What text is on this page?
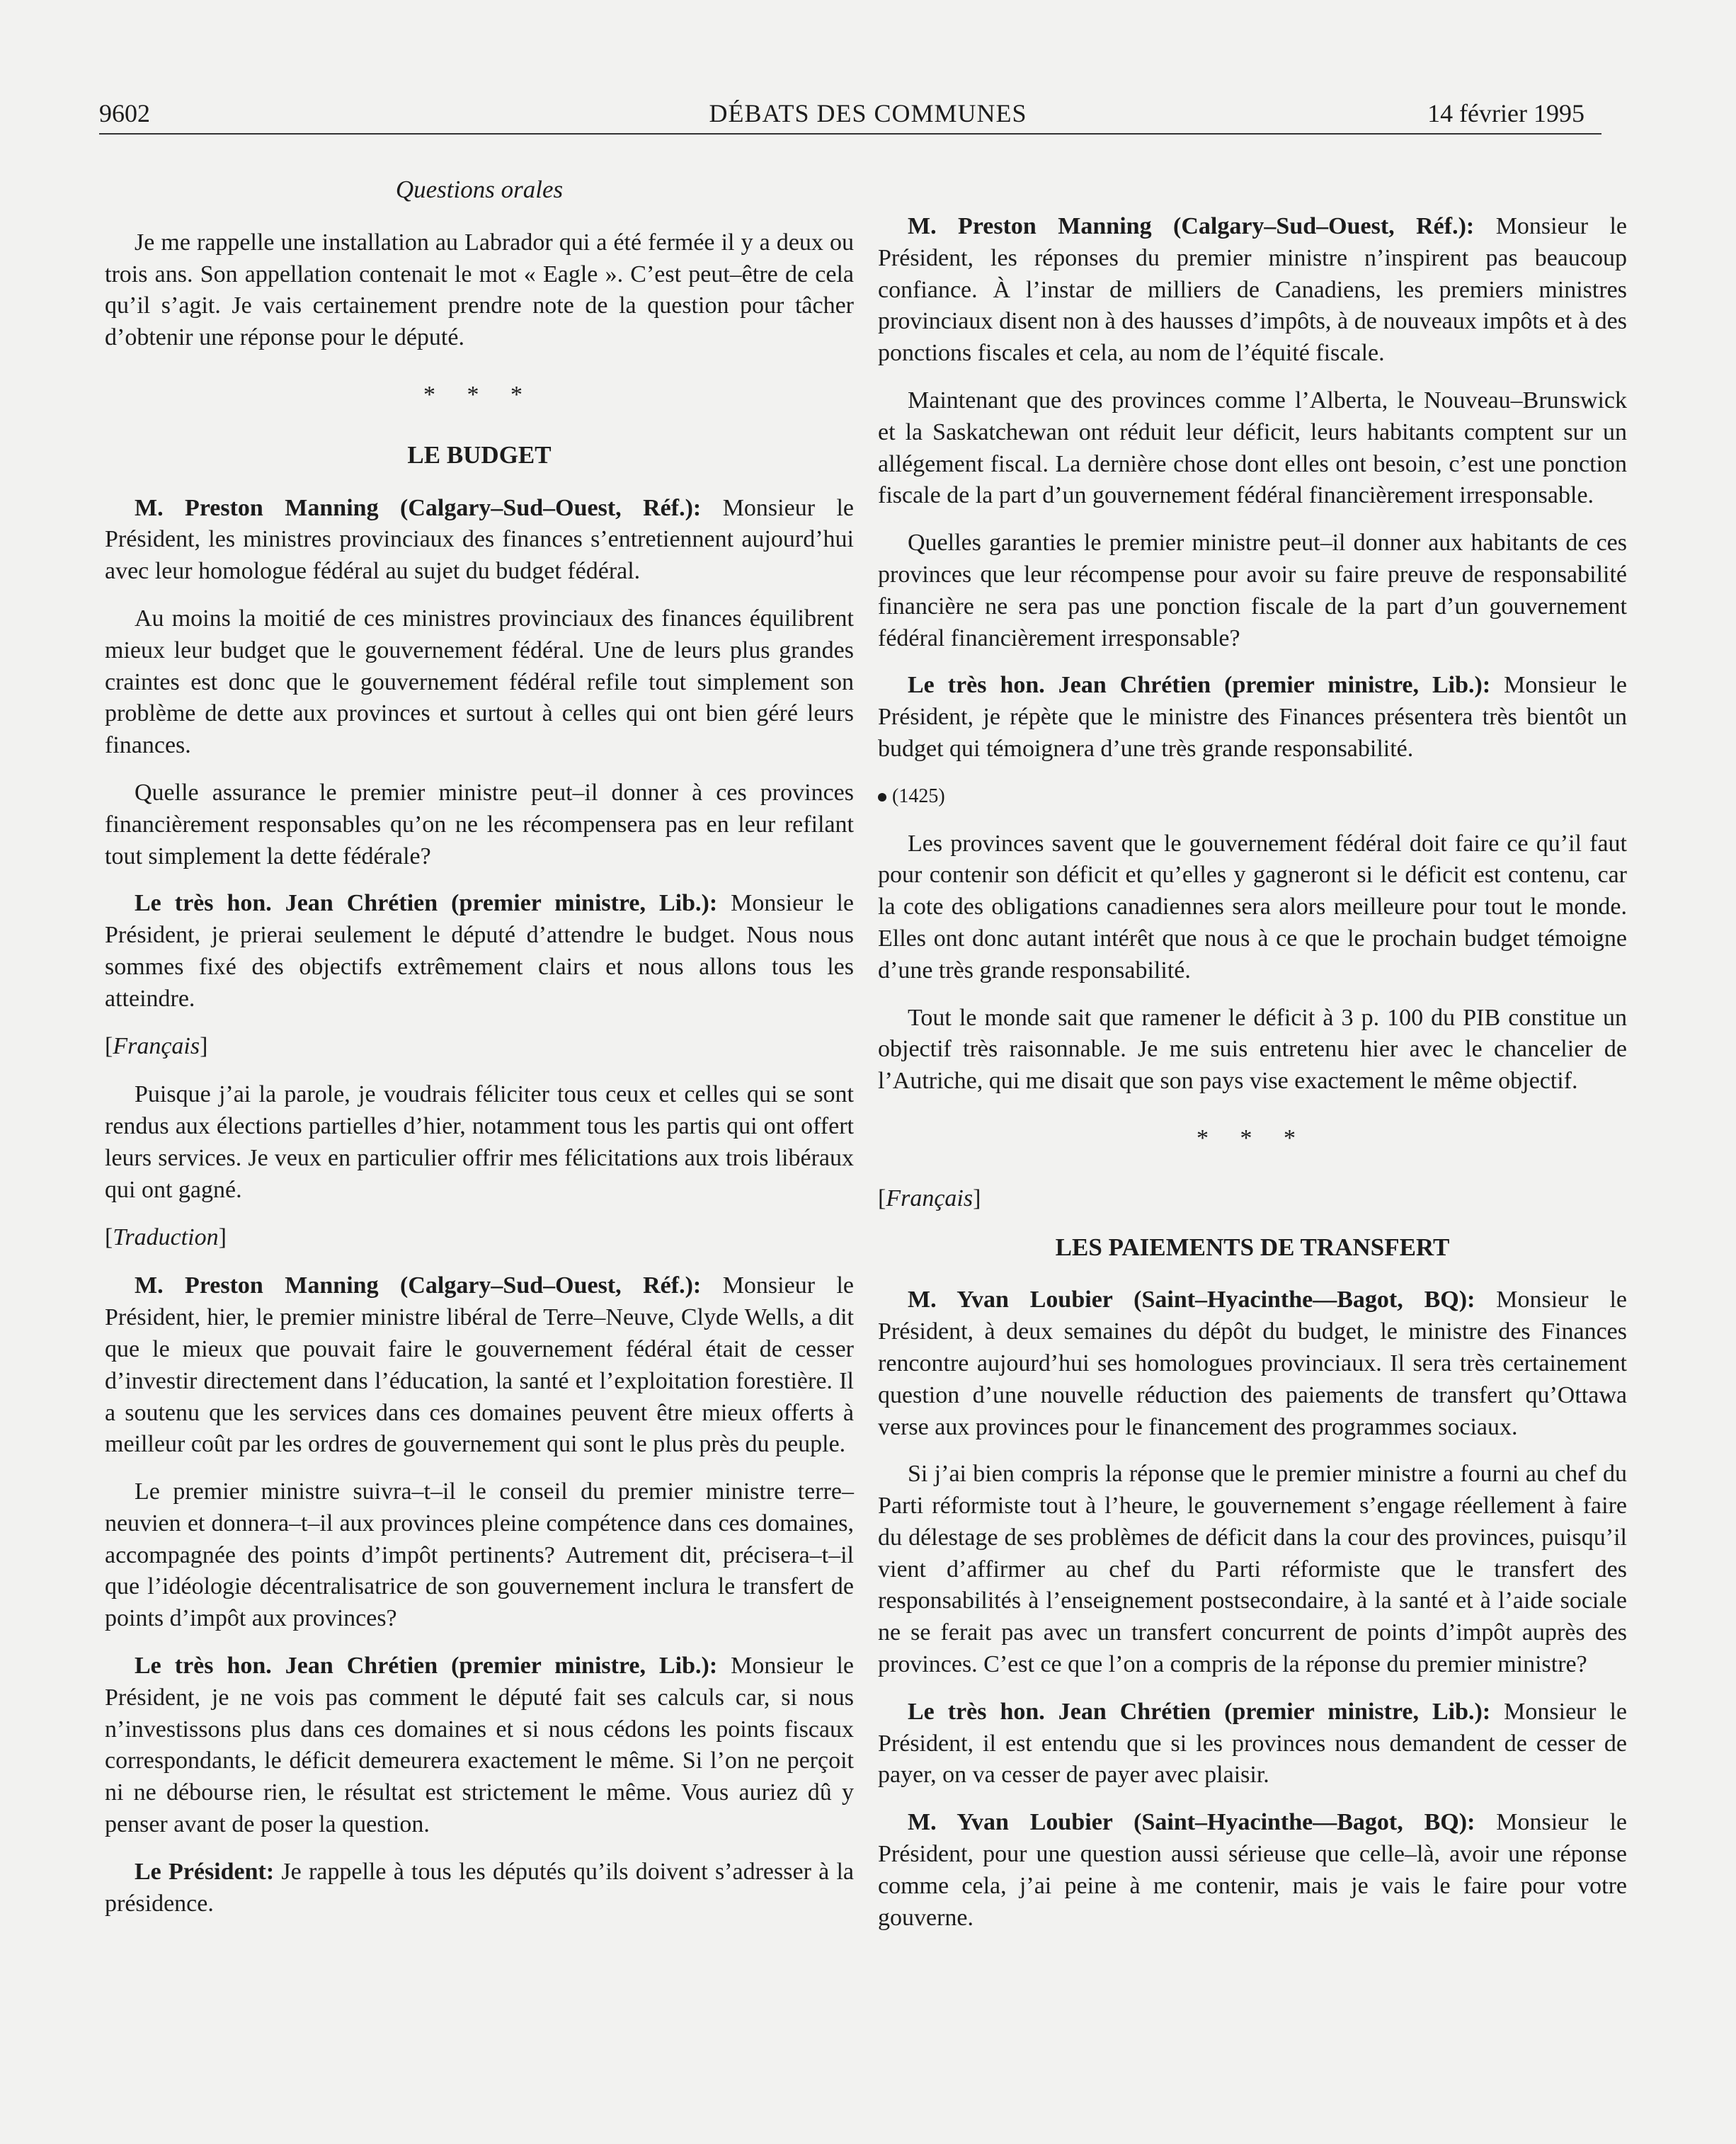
9602	DÉBATS DES COMMUNES	14 février 1995
Questions orales

Je me rappelle une installation au Labrador qui a été fermée il y a deux ou trois ans. Son appellation contenait le mot « Eagle ». C’est peut–être de cela qu’il s’agit. Je vais certainement prendre note de la question pour tâcher d’obtenir une réponse pour le député.

* * *
LE BUDGET

M. Preston Manning (Calgary–Sud–Ouest, Réf.): Monsieur le Président, les ministres provinciaux des finances s’entretiennent aujourd’hui avec leur homologue fédéral au sujet du budget fédéral.

Au moins la moitié de ces ministres provinciaux des finances équilibrent mieux leur budget que le gouvernement fédéral. Une de leurs plus grandes craintes est donc que le gouvernement fédéral refile tout simplement son problème de dette aux provinces et surtout à celles qui ont bien géré leurs finances.

Quelle assurance le premier ministre peut–il donner à ces provinces financièrement responsables qu’on ne les récompensera pas en leur refilant tout simplement la dette fédérale?

Le très hon. Jean Chrétien (premier ministre, Lib.): Monsieur le Président, je prierai seulement le député d’attendre le budget. Nous nous sommes fixé des objectifs extrêmement clairs et nous allons tous les atteindre.

[Français]

Puisque j’ai la parole, je voudrais féliciter tous ceux et celles qui se sont rendus aux élections partielles d’hier, notamment tous les partis qui ont offert leurs services. Je veux en particulier offrir mes félicitations aux trois libéraux qui ont gagné.

[Traduction]

M. Preston Manning (Calgary–Sud–Ouest, Réf.): Monsieur le Président, hier, le premier ministre libéral de Terre–Neuve, Clyde Wells, a dit que le mieux que pouvait faire le gouvernement fédéral était de cesser d’investir directement dans l’éducation, la santé et l’exploitation forestière. Il a soutenu que les services dans ces domaines peuvent être mieux offerts à meilleur coût par les ordres de gouvernement qui sont le plus près du peuple.

Le premier ministre suivra–t–il le conseil du premier ministre terre–neuvien et donnera–t–il aux provinces pleine compétence dans ces domaines, accompagnée des points d’impôt pertinents? Autrement dit, précisera–t–il que l’idéologie décentralisatrice de son gouvernement inclura le transfert de points d’impôt aux provinces?

Le très hon. Jean Chrétien (premier ministre, Lib.): Monsieur le Président, je ne vois pas comment le député fait ses calculs car, si nous n’investissons plus dans ces domaines et si nous cédons les points fiscaux correspondants, le déficit demeurera exactement le même. Si l’on ne perçoit ni ne débourse rien, le résultat est strictement le même. Vous auriez dû y penser avant de poser la question.

Le Président: Je rappelle à tous les députés qu’ils doivent s’adresser à la présidence.

M. Preston Manning (Calgary–Sud–Ouest, Réf.): Monsieur le Président, les réponses du premier ministre n’inspirent pas beaucoup confiance. À l’instar de milliers de Canadiens, les premiers ministres provinciaux disent non à des hausses d’impôts, à de nouveaux impôts et à des ponctions fiscales et cela, au nom de l’équité fiscale.

Maintenant que des provinces comme l’Alberta, le Nouveau–Brunswick et la Saskatchewan ont réduit leur déficit, leurs habitants comptent sur un allégement fiscal. La dernière chose dont elles ont besoin, c’est une ponction fiscale de la part d’un gouvernement fédéral financièrement irresponsable.

Quelles garanties le premier ministre peut–il donner aux habitants de ces provinces que leur récompense pour avoir su faire preuve de responsabilité financière ne sera pas une ponction fiscale de la part d’un gouvernement fédéral financièrement irresponsable?

Le très hon. Jean Chrétien (premier ministre, Lib.): Monsieur le Président, je répète que le ministre des Finances présentera très bientôt un budget qui témoignera d’une très grande responsabilité.

(1425)

Les provinces savent que le gouvernement fédéral doit faire ce qu’il faut pour contenir son déficit et qu’elles y gagneront si le déficit est contenu, car la cote des obligations canadiennes sera alors meilleure pour tout le monde. Elles ont donc autant intérêt que nous à ce que le prochain budget témoigne d’une très grande responsabilité.

Tout le monde sait que ramener le déficit à 3 p. 100 du PIB constitue un objectif très raisonnable. Je me suis entretenu hier avec le chancelier de l’Autriche, qui me disait que son pays vise exactement le même objectif.

* * *
[Français]
LES PAIEMENTS DE TRANSFERT

M. Yvan Loubier (Saint–Hyacinthe—Bagot, BQ): Monsieur le Président, à deux semaines du dépôt du budget, le ministre des Finances rencontre aujourd’hui ses homologues provinciaux. Il sera très certainement question d’une nouvelle réduction des paiements de transfert qu’Ottawa verse aux provinces pour le financement des programmes sociaux.

Si j’ai bien compris la réponse que le premier ministre a fourni au chef du Parti réformiste tout à l’heure, le gouvernement s’engage réellement à faire du délestage de ses problèmes de déficit dans la cour des provinces, puisqu’il vient d’affirmer au chef du Parti réformiste que le transfert des responsabilités à l’enseignement postsecondaire, à la santé et à l’aide sociale ne se ferait pas avec un transfert concurrent de points d’impôt auprès des provinces. C’est ce que l’on a compris de la réponse du premier ministre?

Le très hon. Jean Chrétien (premier ministre, Lib.): Monsieur le Président, il est entendu que si les provinces nous demandent de cesser de payer, on va cesser de payer avec plaisir.

M. Yvan Loubier (Saint–Hyacinthe—Bagot, BQ): Monsieur le Président, pour une question aussi sérieuse que celle–là, avoir une réponse comme cela, j’ai peine à me contenir, mais je vais le faire pour votre gouverne.
